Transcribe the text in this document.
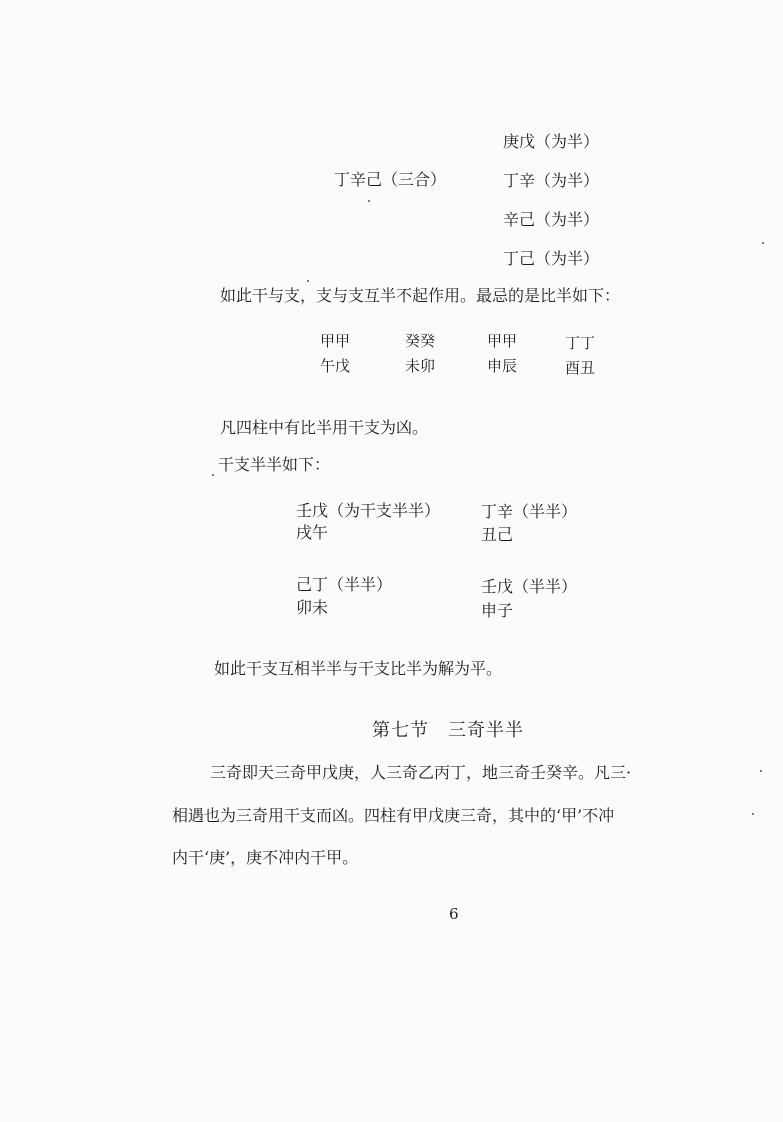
丁辛己（三合）
庚戊（为半）
丁辛（为半）
辛己（为半）
丁己（为半）
如此干与支，支与支互半不起作用。最忌的是比半如下：
甲甲
午戊
癸癸
未卯
甲甲
申辰
丁丁
酉丑
凡四柱中有比半用干支为凶。
干支半半如下：
壬戊（为干支半半）
戌午
丁辛（半半）
丑己
己丁（半半）
卯未
壬戊（半半）
申子
如此干支互相半半与干支比半为解为平。
第七节　三奇半半
三奇即天三奇甲戊庚，人三奇乙丙丁，地三奇壬癸辛。凡三·
相遇也为三奇用干支而凶。四柱有甲戊庚三奇，其中的‘甲’不冲
内干‘庚’，庚不冲内干甲。
6
